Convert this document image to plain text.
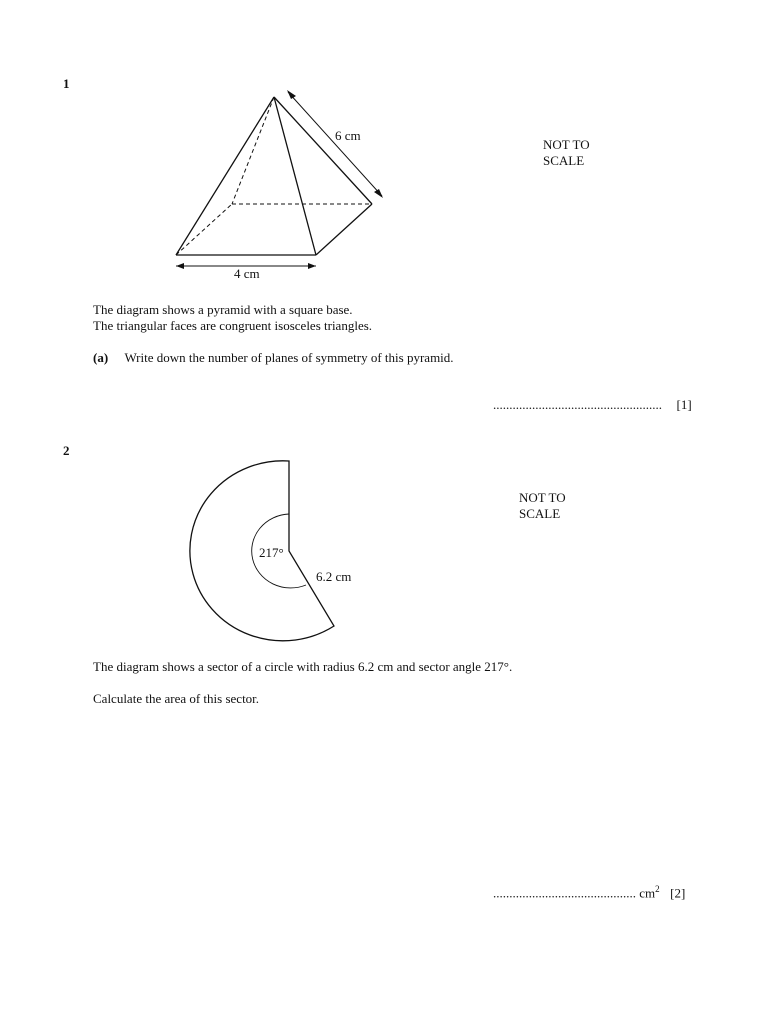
1
6 cm
4 cm
NOT TO
SCALE
The diagram shows a pyramid with a square base.
The triangular faces are congruent isosceles triangles.
(a) Write down the number of planes of symmetry of this pyramid.
.................................................... [1]
2
217°
6.2 cm
NOT TO
SCALE
The diagram shows a sector of a circle with radius 6.2 cm and sector angle 217°.
Calculate the area of this sector.
............................................ $cm^2$ [2]
